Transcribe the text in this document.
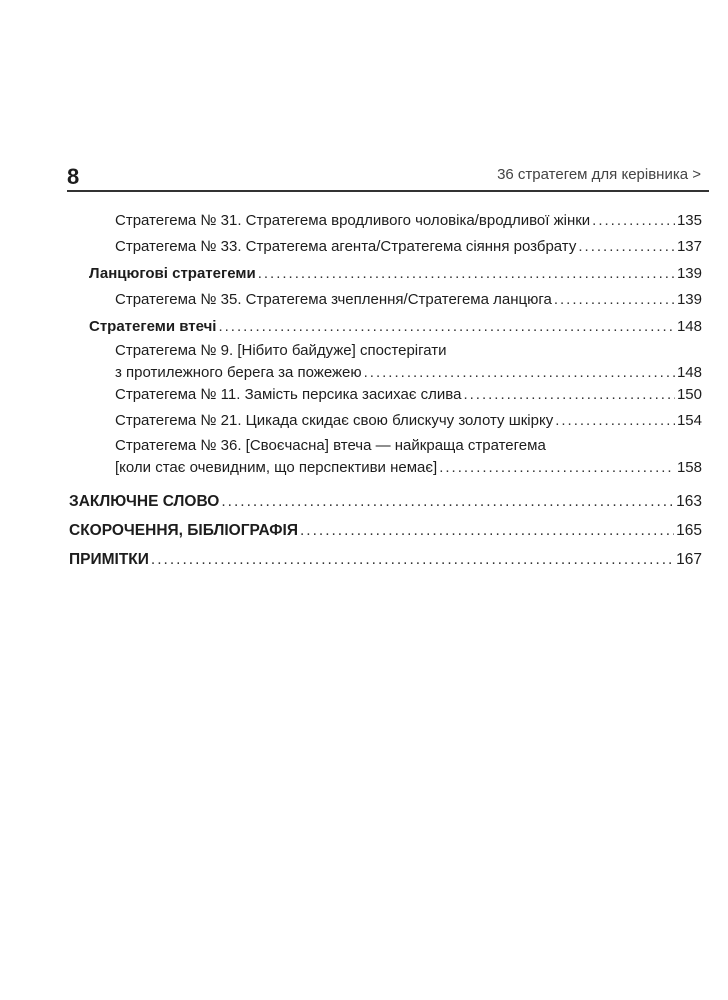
8	36 стратегем для керівника >
Стратегема № 31. Стратегема вродливого чоловіка/вродливої жінки .....	135
Стратегема № 33. Стратегема агента/Стратегема сіяння розбрату .....	137
Ланцюгові стратегеми .....	139
Стратегема № 35. Стратегема зчеплення/Стратегема ланцюга .....	139
Стратегеми втечі .....	148
Стратегема № 9. [Нібито байдуже] спостерігати
з протилежного берега за пожежею .....	148
Стратегема № 11. Замість персика засихає слива .....	150
Стратегема № 21. Цикада скидає свою блискучу золоту шкірку .....	154
Стратегема № 36. [Своєчасна] втеча — найкраща стратегема
[коли стає очевидним, що перспективи немає] .....	158
ЗАКЛЮЧНЕ СЛОВО .....	163
СКОРОЧЕННЯ, БІБЛІОГРАФІЯ .....	165
ПРИМІТКИ .....	167
